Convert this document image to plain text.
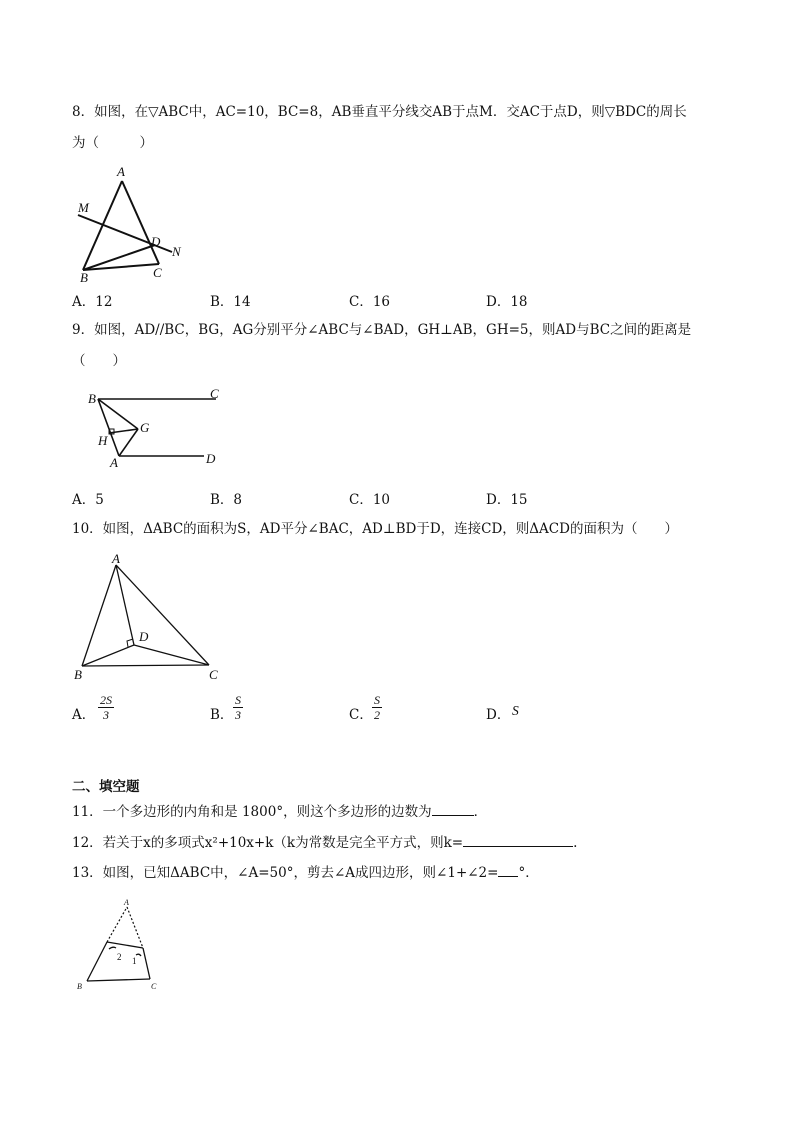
8．如图，在▽ABC中，AC=10，BC=8，AB垂直平分线交AB于点M．交AC于点D，则▽BDC的周长
为（　　　）
A
M
D
N
B	C
A．12	B．14	C．16	D．18
9．如图，AD//BC，BG，AG分别平分∠ABC与∠BAD，GH⊥AB，GH=5，则AD与BC之间的距离是
（　　）
B	C
H
G
A	D
A．5	B．8	C．10	D．15
10．如图，ΔABC的面积为S，AD平分∠BAC，AD⊥BD于D，连接CD，则ΔACD的面积为（　　）
A
D
B	C
A． $\frac{2S}{3}$	B． $\frac{S}{3}$	C． $\frac{S}{2}$	D． S
二、填空题
11．一个多边形的内角和是 1800°，则这个多边形的边数为	．
12．若关于x的多项式x²+10x+k（k为常数是完全平方式，则k=	.
13．如图，已知ΔABC中，∠A=50°，剪去∠A成四边形，则∠1+∠2= °．
A
2 1
B	C
